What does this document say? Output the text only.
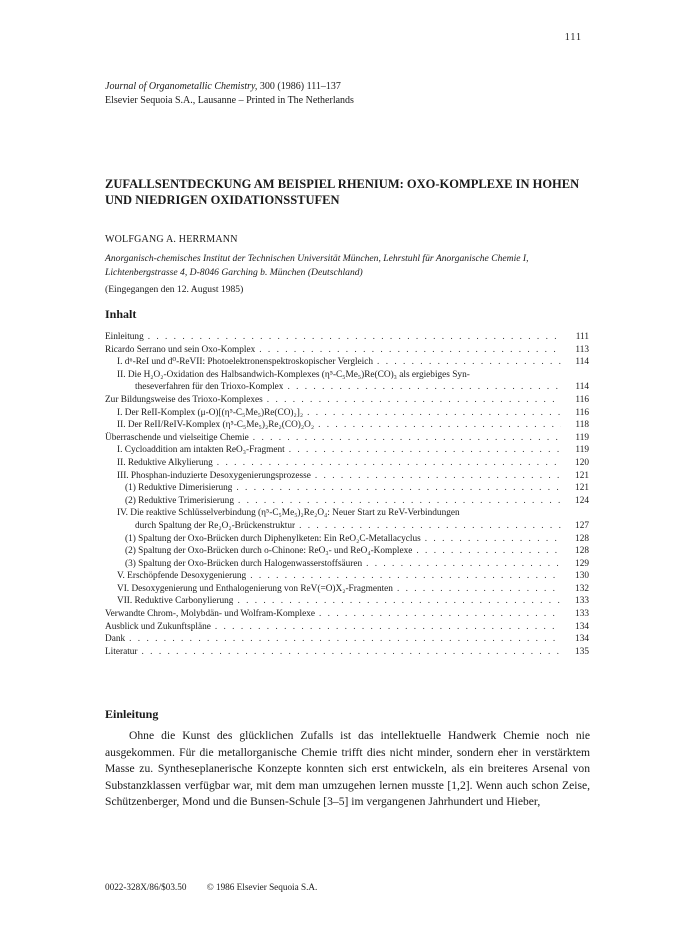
111
Journal of Organometallic Chemistry, 300 (1986) 111–137
Elsevier Sequoia S.A., Lausanne – Printed in The Netherlands
ZUFALLSENTDECKUNG AM BEISPIEL RHENIUM: OXO-KOMPLEXE IN HOHEN UND NIEDRIGEN OXIDATIONSSTUFEN
WOLFGANG A. HERRMANN
Anorganisch-chemisches Institut der Technischen Universität München, Lehrstuhl für Anorganische Chemie I, Lichtenbergstrasse 4, D-8046 Garching b. München (Deutschland)
(Eingegangen den 12. August 1985)
Inhalt
Einleitung . . .	111
Ricardo Serrano und sein Oxo-Komplex . . .	113
I. d⁶-ReI und d⁰-ReVII: Photoelektronenspektroskopischer Vergleich . . .	114
II. Die H₂O₂-Oxidation des Halbsandwich-Komplexes (η⁵-C₅Me₅)Re(CO)₃ als ergiebiges Syn-
theseverfahren für den Trioxo-Komplex . . .	114
Zur Bildungsweise des Trioxo-Komplexes . . .	116
I. Der ReII-Komplex (μ-O)[(η⁵-C₅Me₅)Re(CO)₂]₂ . . .	116
II. Der ReII/ReIV-Komplex (η⁵-C₅Me₅)₂Re₂(CO)₂O₂ . . .	118
Überraschende und vielseitige Chemie . . .	119
I. Cycloaddition am intakten ReO₃-Fragment . . .	119
II. Reduktive Alkylierung . . .	120
III. Phosphan-induzierte Desoxygenierungsprozesse . . .	121
(1) Reduktive Dimerisierung . . .	121
(2) Reduktive Trimerisierung . . .	124
IV. Die reaktive Schlüsselverbindung (η⁵-C₅Me₅)₂Re₂O₄: Neuer Start zu ReV-Verbindungen
durch Spaltung der Re₂O₂-Brückenstruktur . . .	127
(1) Spaltung der Oxo-Brücken durch Diphenylketen: Ein ReO₂C-Metallacyclus . . .	128
(2) Spaltung der Oxo-Brücken durch o-Chinone: ReO₃- und ReO₄-Komplexe . . .	128
(3) Spaltung der Oxo-Brücken durch Halogenwasserstoffsäuren . . .	129
V. Erschöpfende Desoxygenierung . . .	130
VI. Desoxygenierung und Enthalogenierung von ReV(=O)X₂-Fragmenten . . .	132
VII. Reduktive Carbonylierung . . .	133
Verwandte Chrom-, Molybdän- und Wolfram-Komplexe . . .	133
Ausblick und Zukunftspläne . . .	134
Dank . . .	134
Literatur . . .	135
Einleitung
Ohne die Kunst des glücklichen Zufalls ist das intellektuelle Handwerk Chemie noch nie ausgekommen. Für die metallorganische Chemie trifft dies nicht minder, sondern eher in verstärktem Masse zu. Syntheseplanerische Konzepte konnten sich erst entwickeln, als ein breiteres Arsenal von Substanzklassen verfügbar war, mit dem man umzugehen lernen musste [1,2]. Wenn auch schon Zeise, Schützenberger, Mond und die Bunsen-Schule [3–5] im vergangenen Jahrhundert und Hieber,
0022-328X/86/$03.50 © 1986 Elsevier Sequoia S.A.
